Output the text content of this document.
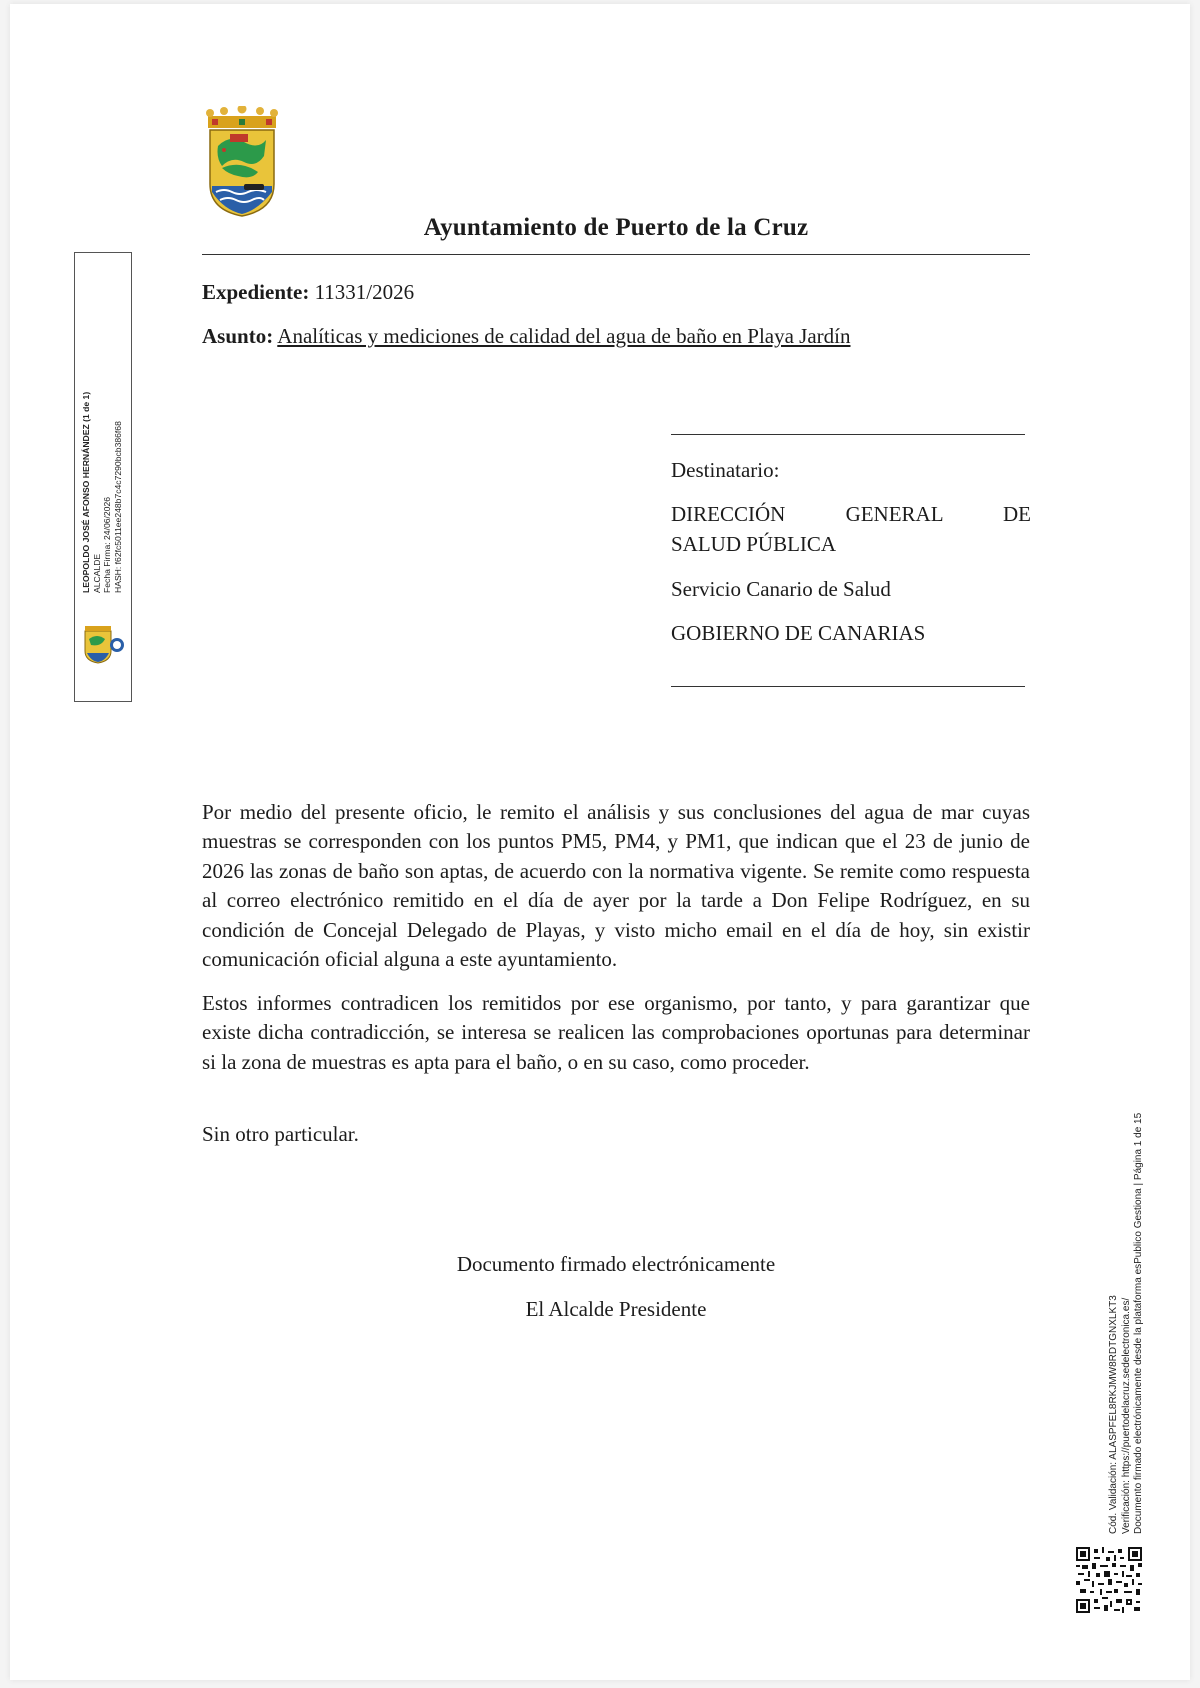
Ayuntamiento de Puerto de la Cruz
Expediente: 11331/2026
Asunto: Analíticas y mediciones de calidad del agua de baño en Playa Jardín
Destinatario:
DIRECCIÓN	GENERAL	DE
SALUD PÚBLICA
Servicio Canario de Salud
GOBIERNO DE CANARIAS
Por medio del presente oficio, le remito el análisis y sus conclusiones del agua de mar cuyas muestras se corresponden con los puntos PM5, PM4, y PM1, que indican que el 23 de junio de 2026 las zonas de baño son aptas, de acuerdo con la normativa vigente. Se remite como respuesta al correo electrónico remitido en el día de ayer por la tarde a Don Felipe Rodríguez, en su condición de Concejal Delegado de Playas, y visto micho email en el día de hoy, sin existir comunicación oficial alguna a este ayuntamiento.
Estos informes contradicen los remitidos por ese organismo, por tanto, y para garantizar que existe dicha contradicción, se interesa se realicen las comprobaciones oportunas para determinar si la zona de muestras es apta para el baño, o en su caso, como proceder.
Sin otro particular.
Documento firmado electrónicamente
El Alcalde Presidente
LEOPOLDO JOSÉ AFONSO HERNÁNDEZ (1 de 1) ALCALDE Fecha Firma: 24/06/2026 HASH: f62fc5011ee248b7c4c7290bcb386f68
Cód. Validación: ALASPFEL8RKJMW8RDTGNXLKT3 Verificación: https://puertodelacruz.sedelectronica.es/ Documento firmado electrónicamente desde la plataforma esPublico Gestiona | Página 1 de 15
